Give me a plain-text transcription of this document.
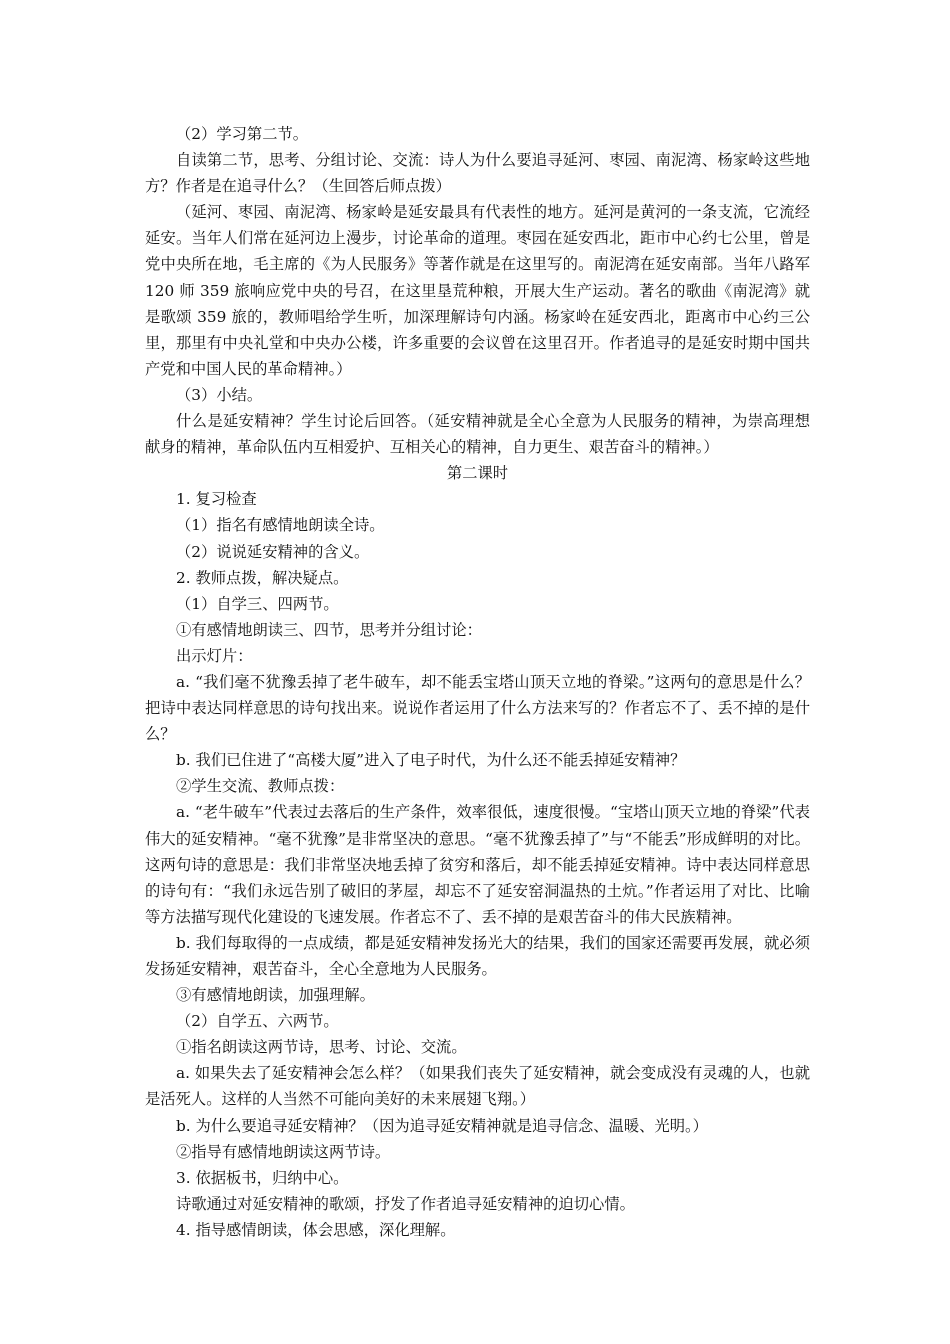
（2）学习第二节。

自读第二节，思考、分组讨论、交流：诗人为什么要追寻延河、枣园、南泥湾、杨家岭这些地方？作者是在追寻什么？（生回答后师点拨）

（延河、枣园、南泥湾、杨家岭是延安最具有代表性的地方。延河是黄河的一条支流，它流经延安。当年人们常在延河边上漫步，讨论革命的道理。枣园在延安西北，距市中心约七公里，曾是党中央所在地，毛主席的《为人民服务》等著作就是在这里写的。南泥湾在延安南部。当年八路军 120 师 359 旅响应党中央的号召，在这里垦荒种粮，开展大生产运动。著名的歌曲《南泥湾》就是歌颂 359 旅的，教师唱给学生听，加深理解诗句内涵。杨家岭在延安西北，距离市中心约三公里，那里有中央礼堂和中央办公楼，许多重要的会议曾在这里召开。作者追寻的是延安时期中国共产党和中国人民的革命精神。）

（3）小结。

什么是延安精神？学生讨论后回答。（延安精神就是全心全意为人民服务的精神，为崇高理想献身的精神，革命队伍内互相爱护、互相关心的精神，自力更生、艰苦奋斗的精神。）

第二课时

1. 复习检查

（1）指名有感情地朗读全诗。

（2）说说延安精神的含义。

2. 教师点拨，解决疑点。

（1）自学三、四两节。

①有感情地朗读三、四节，思考并分组讨论：

出示灯片：

a. “我们毫不犹豫丢掉了老牛破车，却不能丢宝塔山顶天立地的脊梁。”这两句的意思是什么？把诗中表达同样意思的诗句找出来。说说作者运用了什么方法来写的？作者忘不了、丢不掉的是什么？

b. 我们已住进了“高楼大厦”进入了电子时代，为什么还不能丢掉延安精神？

②学生交流、教师点拨：

a. “老牛破车”代表过去落后的生产条件，效率很低，速度很慢。“宝塔山顶天立地的脊梁”代表伟大的延安精神。“毫不犹豫”是非常坚决的意思。“毫不犹豫丢掉了”与“不能丢”形成鲜明的对比。这两句诗的意思是：我们非常坚决地丢掉了贫穷和落后，却不能丢掉延安精神。诗中表达同样意思的诗句有：“我们永远告别了破旧的茅屋，却忘不了延安窑洞温热的土炕。”作者运用了对比、比喻等方法描写现代化建设的飞速发展。作者忘不了、丢不掉的是艰苦奋斗的伟大民族精神。

b. 我们每取得的一点成绩，都是延安精神发扬光大的结果，我们的国家还需要再发展，就必须发扬延安精神，艰苦奋斗，全心全意地为人民服务。

③有感情地朗读，加强理解。

（2）自学五、六两节。

①指名朗读这两节诗，思考、讨论、交流。

a. 如果失去了延安精神会怎么样？（如果我们丧失了延安精神，就会变成没有灵魂的人，也就是活死人。这样的人当然不可能向美好的未来展翅飞翔。）

b. 为什么要追寻延安精神？（因为追寻延安精神就是追寻信念、温暖、光明。）

②指导有感情地朗读这两节诗。

3. 依据板书，归纳中心。

诗歌通过对延安精神的歌颂，抒发了作者追寻延安精神的迫切心情。

4. 指导感情朗读，体会思感，深化理解。
